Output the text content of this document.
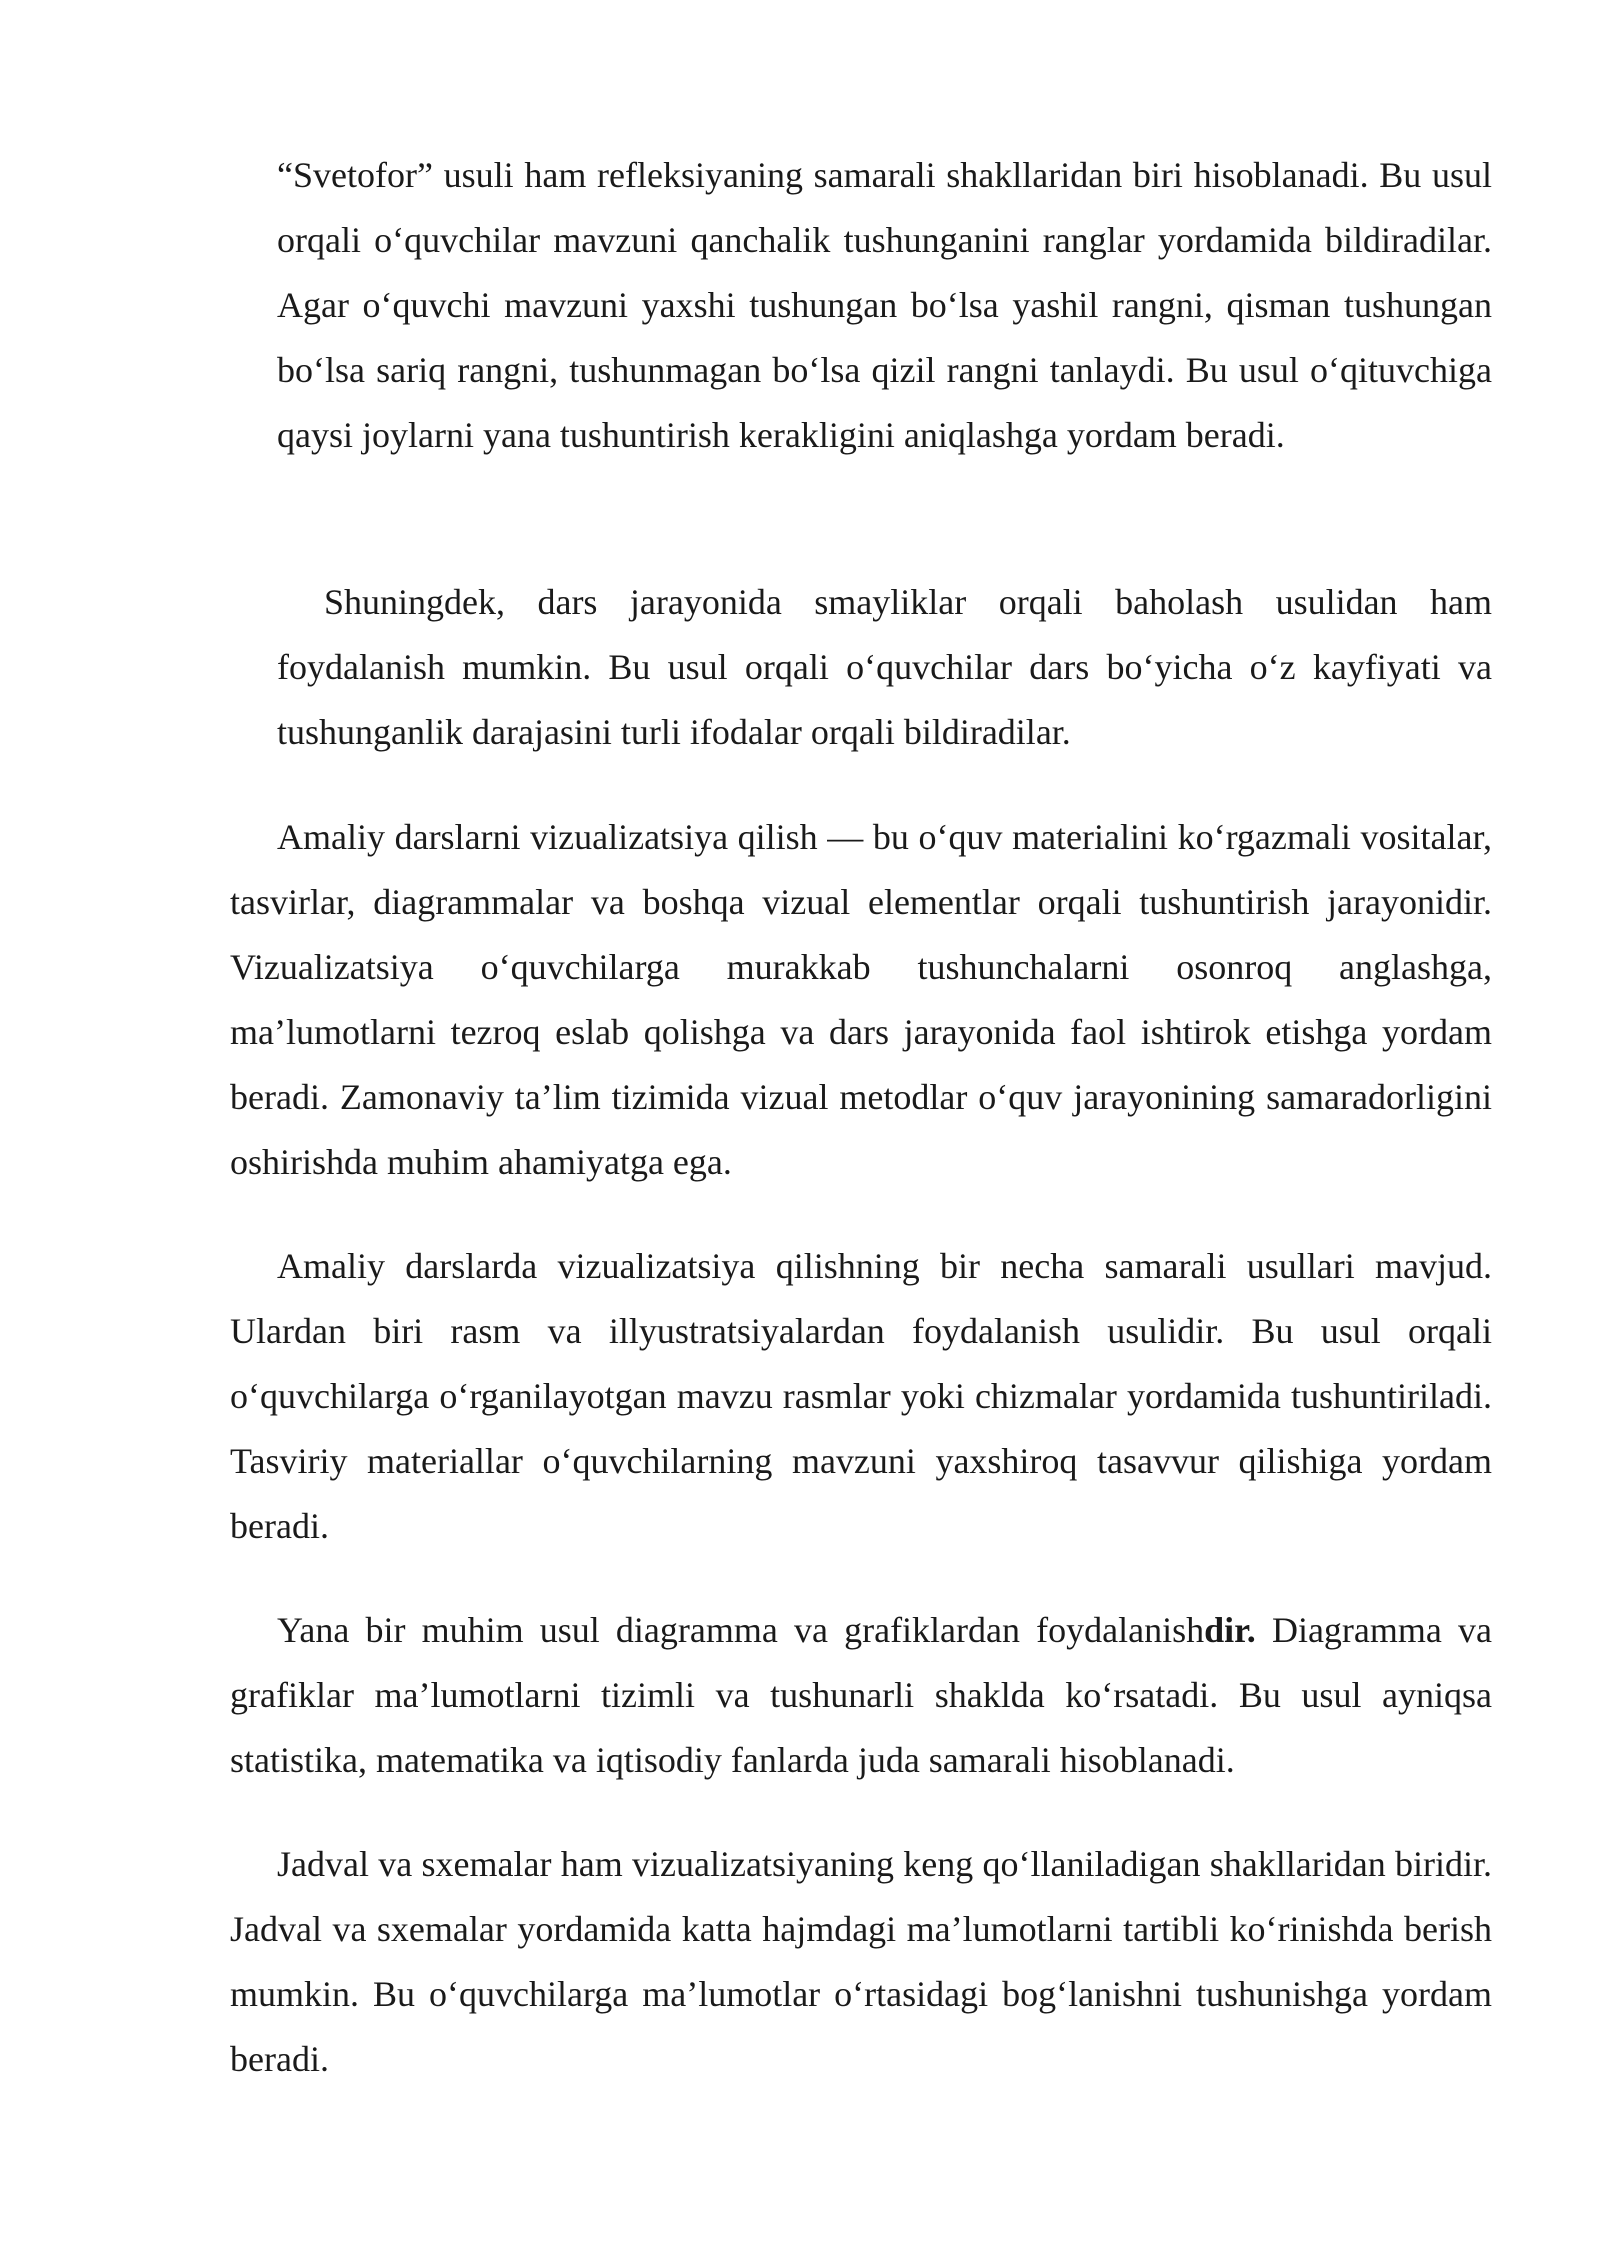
“Svetofor” usuli ham refleksiyaning samarali shakllaridan biri hisoblanadi. Bu usul orqali o‘quvchilar mavzuni qanchalik tushunganini ranglar yordamida bildiradilar. Agar o‘quvchi mavzuni yaxshi tushungan bo‘lsa yashil rangni, qisman tushungan bo‘lsa sariq rangni, tushunmagan bo‘lsa qizil rangni tanlaydi. Bu usul o‘qituvchiga qaysi joylarni yana tushuntirish kerakligini aniqlashga yordam beradi.

Shuningdek, dars jarayonida smayliklar orqali baholash usulidan ham foydalanish mumkin. Bu usul orqali o‘quvchilar dars bo‘yicha o‘z kayfiyati va tushunganlik darajasini turli ifodalar orqali bildiradilar.

Amaliy darslarni vizualizatsiya qilish — bu o‘quv materialini ko‘rgazmali vositalar, tasvirlar, diagrammalar va boshqa vizual elementlar orqali tushuntirish jarayonidir. Vizualizatsiya o‘quvchilarga murakkab tushunchalarni osonroq anglashga, ma’lumotlarni tezroq eslab qolishga va dars jarayonida faol ishtirok etishga yordam beradi. Zamonaviy ta’lim tizimida vizual metodlar o‘quv jarayonining samaradorligini oshirishda muhim ahamiyatga ega.

Amaliy darslarda vizualizatsiya qilishning bir necha samarali usullari mavjud. Ulardan biri rasm va illyustratsiyalardan foydalanish usulidir. Bu usul orqali o‘quvchilarga o‘rganilayotgan mavzu rasmlar yoki chizmalar yordamida tushuntiriladi. Tasviriy materiallar o‘quvchilarning mavzuni yaxshiroq tasavvur qilishiga yordam beradi.

Yana bir muhim usul diagramma va grafiklardan foydalanishdir. Diagramma va grafiklar ma’lumotlarni tizimli va tushunarli shaklda ko‘rsatadi. Bu usul ayniqsa statistika, matematika va iqtisodiy fanlarda juda samarali hisoblanadi.

Jadval va sxemalar ham vizualizatsiyaning keng qo‘llaniladigan shakllaridan biridir. Jadval va sxemalar yordamida katta hajmdagi ma’lumotlarni tartibli ko‘rinishda berish mumkin. Bu o‘quvchilarga ma’lumotlar o‘rtasidagi bog‘lanishni tushunishga yordam beradi.
